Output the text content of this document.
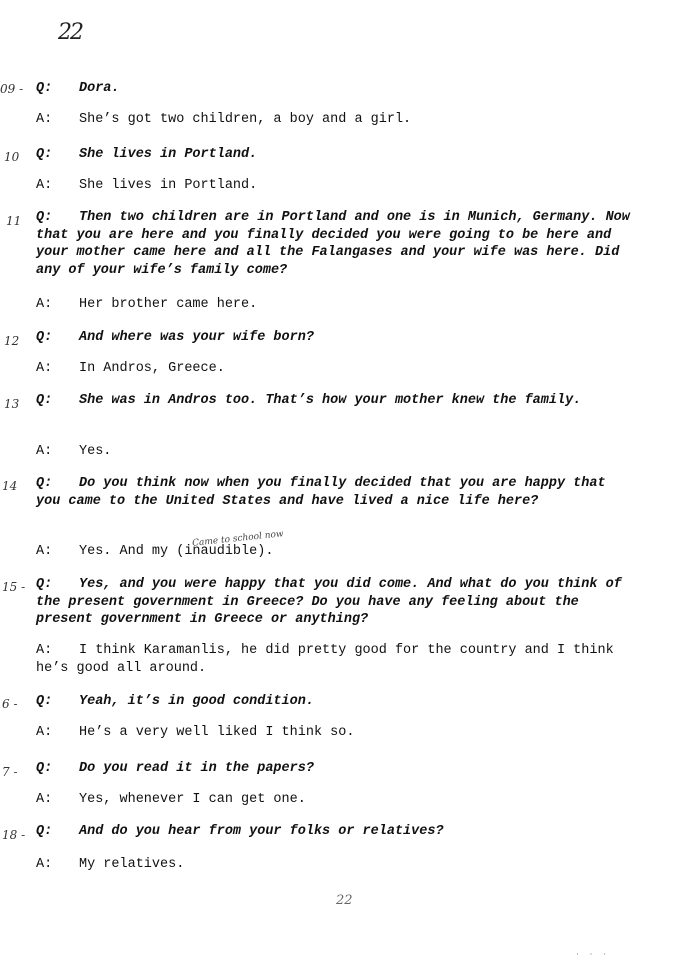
22
09 -
10
11
12
13
14
15 -
6 -
7 -
18 -
Q:	Dora.
A:	She’s got two children, a boy and a girl.
Q:	She lives in Portland.
A:	She lives in Portland.
Q:	Then two children are in Portland and one is in Munich, Germany. Now that you are here and you finally decided you were going to be here and your mother came here and all the Falangases and your wife was here. Did any of your wife’s family come?
A:	Her brother came here.
Q:	And where was your wife born?
A:	In Andros, Greece.
Q:	She was in Andros too. That’s how your mother knew the family.
A:	Yes.
Q:	Do you think now when you finally decided that you are happy that you came to the United States and have lived a nice life here?
Came to school now
A:	Yes. And my (inaudible).
Q:	Yes, and you were happy that you did come. And what do you think of the present government in Greece? Do you have any feeling about the present government in Greece or anything?
A:	I think Karamanlis, he did pretty good for the country and I think he’s good all around.
Q:	Yeah, it’s in good condition.
A:	He’s a very well liked I think so.
Q:	Do you read it in the papers?
A:	Yes, whenever I can get one.
Q:	And do you hear from your folks or relatives?
A:	My relatives.
22
· · ·
